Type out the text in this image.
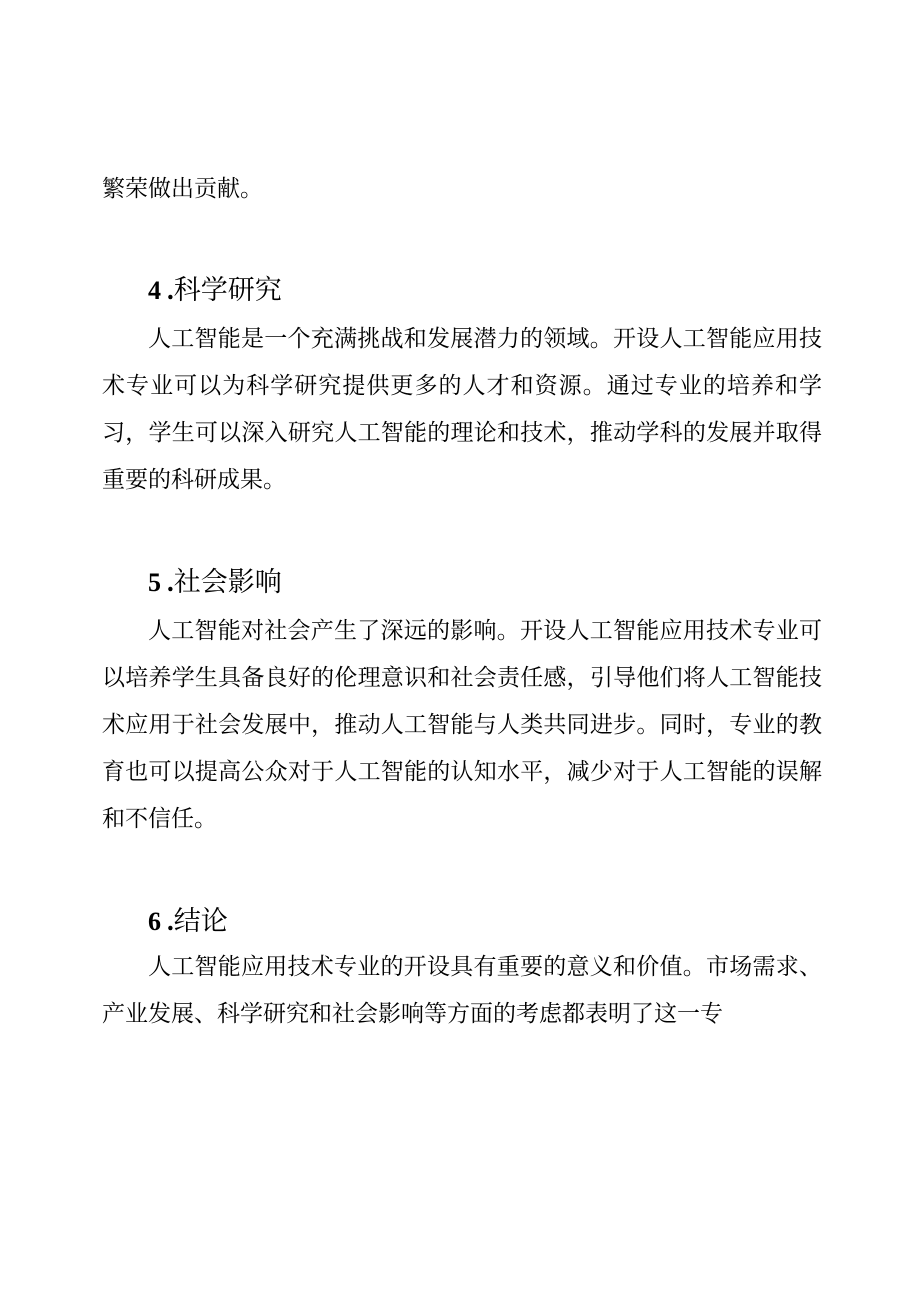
繁荣做出贡献。

4 .科学研究

人工智能是一个充满挑战和发展潜力的领域。开设人工智能应用技术专业可以为科学研究提供更多的人才和资源。通过专业的培养和学习，学生可以深入研究人工智能的理论和技术，推动学科的发展并取得重要的科研成果。

5 .社会影响

人工智能对社会产生了深远的影响。开设人工智能应用技术专业可以培养学生具备良好的伦理意识和社会责任感，引导他们将人工智能技术应用于社会发展中，推动人工智能与人类共同进步。同时，专业的教育也可以提高公众对于人工智能的认知水平，减少对于人工智能的误解和不信任。

6 .结论

人工智能应用技术专业的开设具有重要的意义和价值。市场需求、产业发展、科学研究和社会影响等方面的考虑都表明了这一专
